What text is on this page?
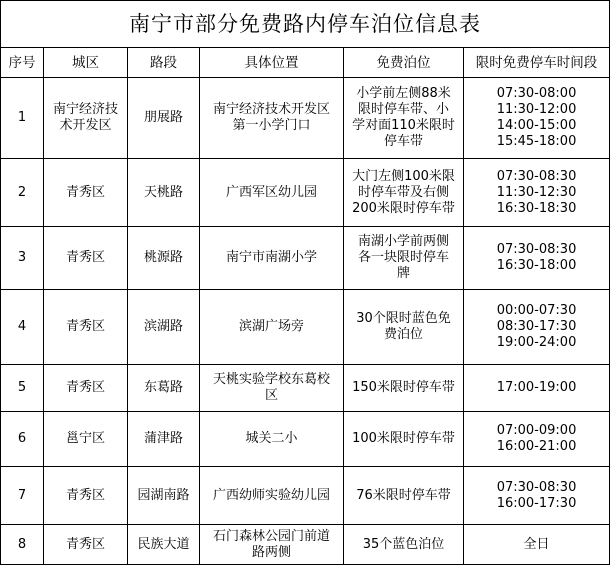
南宁市部分免费路内停车泊位信息表					
序号	城区	路段	具体位置	免费泊位	限时免费停车时间段
1	南宁经济技
术开发区	朋展路	南宁经济技术开发区
第一小学门口	小学前左侧88米
限时停车带、小
学对面110米限时
停车带	07:30-08:00
11:30-12:00
14:00-15:00
15:45-18:00

2	青秀区	天桃路	广西军区幼儿园	大门左侧100米限
时停车带及右侧
200米限时停车带	07:30-08:30
11:30-12:30
16:30-18:30

3	青秀区	桃源路	南宁市南湖小学	南湖小学前两侧
各一块限时停车
牌	07:30-08:30
16:30-18:00

4	青秀区	滨湖路	滨湖广场旁	30个限时蓝色免
费泊位	00:00-07:30
08:30-17:30
19:00-24:00

5	青秀区	东葛路	天桃实验学校东葛校
区	150米限时停车带	17:00-19:00

6	邕宁区	蒲津路	城关二小	100米限时停车带	07:00-09:00
16:00-21:00

7	青秀区	园湖南路	广西幼师实验幼儿园	76米限时停车带	07:30-08:30
16:00-17:30

8	青秀区	民族大道	石门森林公园门前道
路两侧	35个蓝色泊位	全日
